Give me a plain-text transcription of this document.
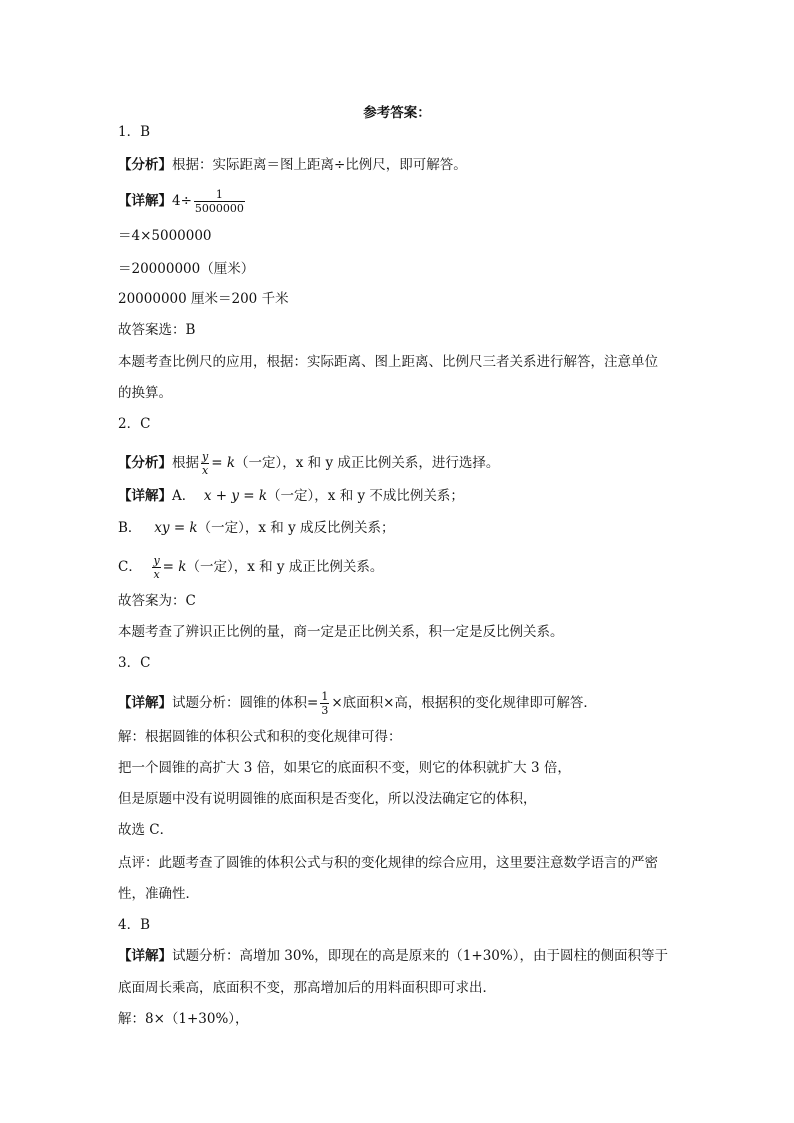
参考答案：
1．B
【分析】根据：实际距离＝图上距离÷比例尺，即可解答。
【详解】$4\div \frac{1}{5000000}$
＝4×5000000
＝20000000（厘米）
20000000 厘米＝200 千米
故答案选：B
本题考查比例尺的应用，根据：实际距离、图上距离、比例尺三者关系进行解答，注意单位
的换算。
2．C
【分析】根据 $\frac{y}{x} = k$（一定），x 和 y 成正比例关系，进行选择。
【详解】A． x + y = k（一定），x 和 y 不成比例关系；
B． xy = k（一定），x 和 y 成反比例关系；
C． $\frac{y}{x} = k$（一定），x 和 y 成正比例关系。
故答案为：C
本题考查了辨识正比例的量，商一定是正比例关系，积一定是反比例关系。
3．C
【详解】试题分析：圆锥的体积= $\frac{1}{3}$ ×底面积×高，根据积的变化规律即可解答．
解：根据圆锥的体积公式和积的变化规律可得：
把一个圆锥的高扩大 3 倍，如果它的底面积不变，则它的体积就扩大 3 倍，
但是原题中没有说明圆锥的底面积是否变化，所以没法确定它的体积，
故选 C．
点评：此题考查了圆锥的体积公式与积的变化规律的综合应用，这里要注意数学语言的严密
性，准确性．
4．B
【详解】试题分析：高增加 30%，即现在的高是原来的（1+30%），由于圆柱的侧面积等于
底面周长乘高，底面积不变，那高增加后的用料面积即可求出．
解：8×（1+30%），
